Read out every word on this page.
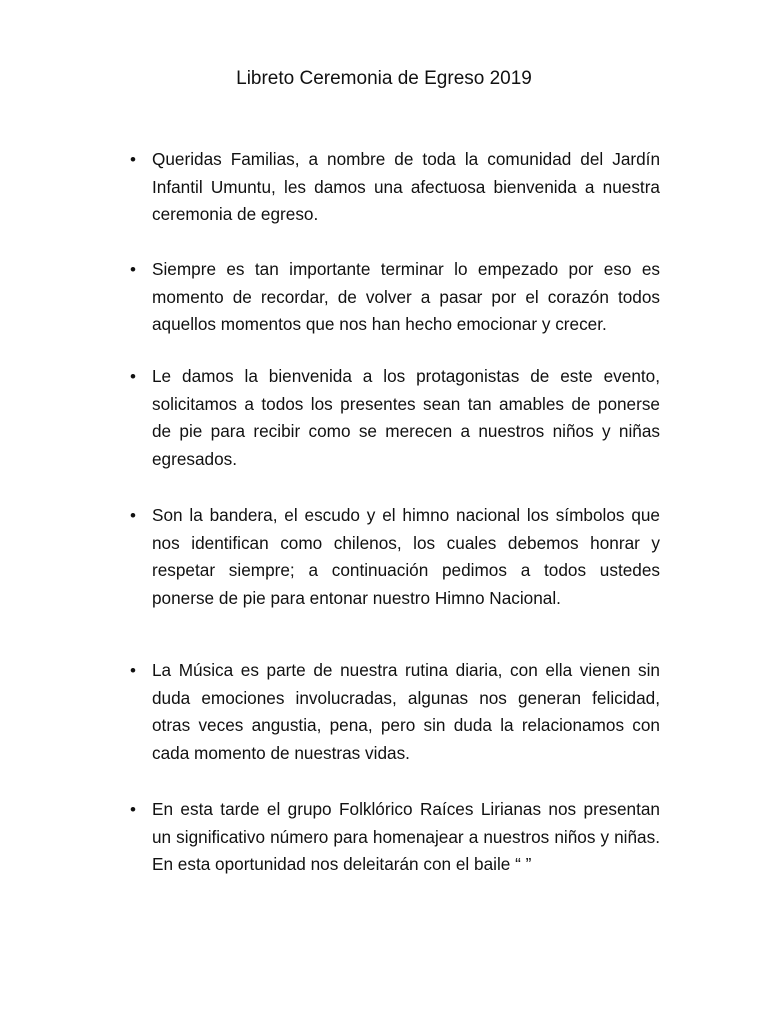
Libreto Ceremonia de Egreso 2019
• Queridas Familias, a nombre de toda la comunidad del Jardín Infantil Umuntu, les damos una afectuosa bienvenida a nuestra ceremonia de egreso.
• Siempre es tan importante terminar lo empezado por eso es momento de recordar, de volver a pasar por el corazón todos aquellos momentos que nos han hecho emocionar y crecer.
• Le damos la bienvenida a los protagonistas de este evento, solicitamos a todos los presentes sean tan amables de ponerse de pie para recibir como se merecen a nuestros niños y niñas egresados.
• Son la bandera, el escudo y el himno nacional los símbolos que nos identifican como chilenos, los cuales debemos honrar y respetar siempre; a continuación pedimos a todos ustedes ponerse de pie para entonar nuestro Himno Nacional.
• La Música es parte de nuestra rutina diaria, con ella vienen sin duda emociones involucradas, algunas nos generan felicidad, otras veces angustia, pena, pero sin duda la relacionamos con cada momento de nuestras vidas.
• En esta tarde el grupo Folklórico Raíces Lirianas nos presentan un significativo número para homenajear a nuestros niños y niñas. En esta oportunidad nos deleitarán con el baile “ ”
